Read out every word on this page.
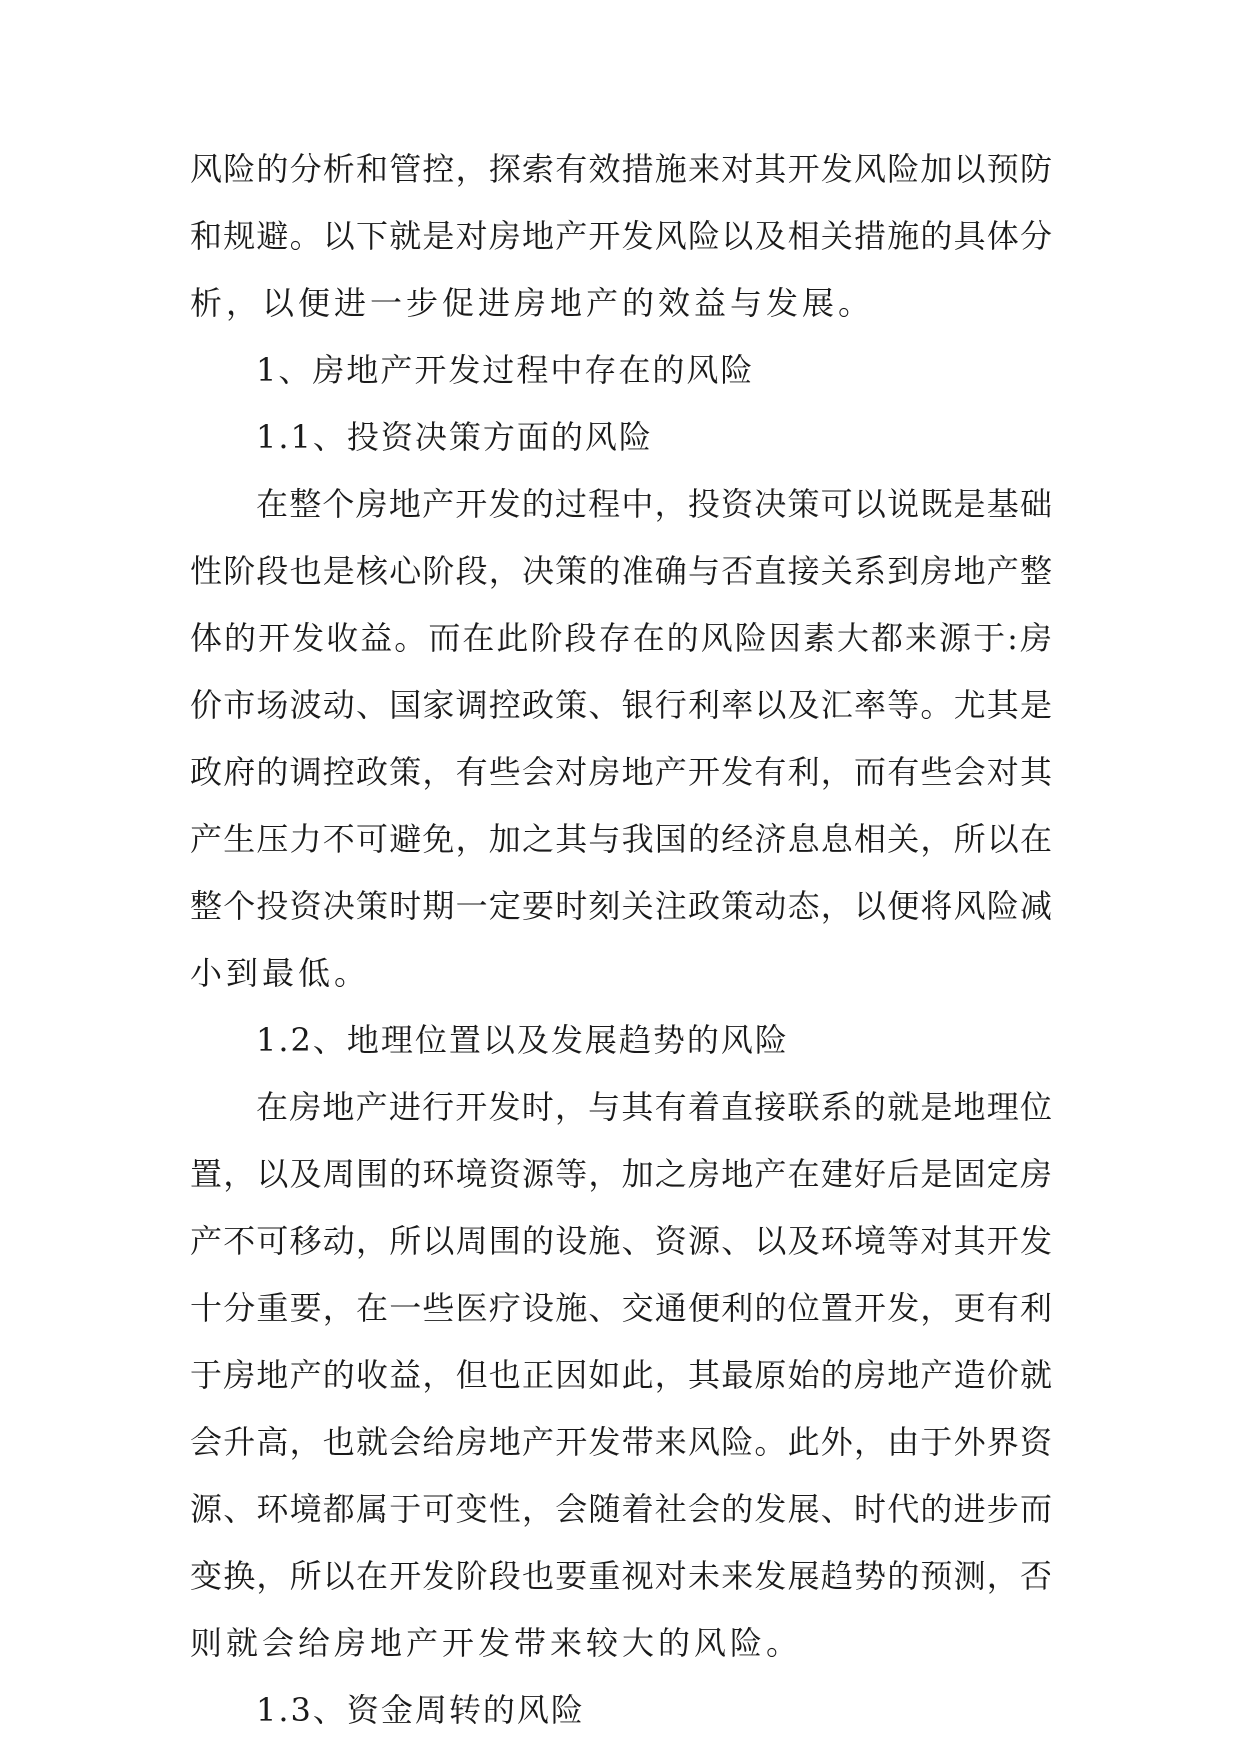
风险的分析和管控，探索有效措施来对其开发风险加以预防
和规避。以下就是对房地产开发风险以及相关措施的具体分
析，以便进一步促进房地产的效益与发展。
1、房地产开发过程中存在的风险
1.1、投资决策方面的风险
在整个房地产开发的过程中，投资决策可以说既是基础
性阶段也是核心阶段，决策的准确与否直接关系到房地产整
体的开发收益。而在此阶段存在的风险因素大都来源于:房
价市场波动、国家调控政策、银行利率以及汇率等。尤其是
政府的调控政策，有些会对房地产开发有利，而有些会对其
产生压力不可避免，加之其与我国的经济息息相关，所以在
整个投资决策时期一定要时刻关注政策动态，以便将风险减
小到最低。
1.2、地理位置以及发展趋势的风险
在房地产进行开发时，与其有着直接联系的就是地理位
置，以及周围的环境资源等，加之房地产在建好后是固定房
产不可移动，所以周围的设施、资源、以及环境等对其开发
十分重要，在一些医疗设施、交通便利的位置开发，更有利
于房地产的收益，但也正因如此，其最原始的房地产造价就
会升高，也就会给房地产开发带来风险。此外，由于外界资
源、环境都属于可变性，会随着社会的发展、时代的进步而
变换，所以在开发阶段也要重视对未来发展趋势的预测，否
则就会给房地产开发带来较大的风险。
1.3、资金周转的风险
